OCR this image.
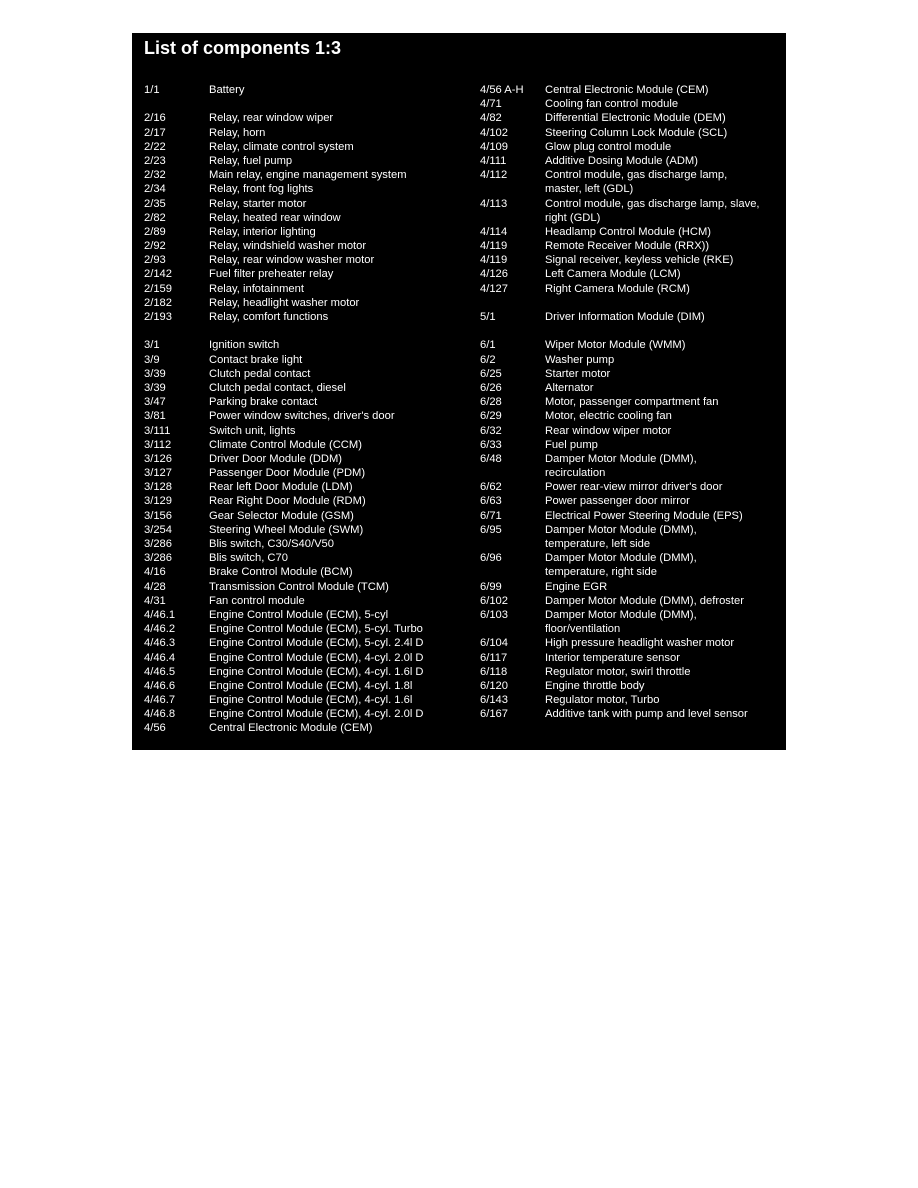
List of components 1:3
1/1	Battery
2/16	Relay, rear window wiper
2/17	Relay, horn
2/22	Relay, climate control system
2/23	Relay, fuel pump
2/32	Main relay, engine management system
2/34	Relay, front fog lights
2/35	Relay, starter motor
2/82	Relay, heated rear window
2/89	Relay, interior lighting
2/92	Relay, windshield washer motor
2/93	Relay, rear window washer motor
2/142	Fuel filter preheater relay
2/159	Relay, infotainment
2/182	Relay, headlight washer motor
2/193	Relay, comfort functions
3/1	Ignition switch
3/9	Contact brake light
3/39	Clutch pedal contact
3/39	Clutch pedal contact, diesel
3/47	Parking brake contact
3/81	Power window switches, driver's door
3/111	Switch unit, lights
3/112	Climate Control Module (CCM)
3/126	Driver Door Module (DDM)
3/127	Passenger Door Module (PDM)
3/128	Rear left Door Module (LDM)
3/129	Rear Right Door Module (RDM)
3/156	Gear Selector Module (GSM)
3/254	Steering Wheel Module (SWM)
3/286	Blis switch, C30/S40/V50
3/286	Blis switch, C70
4/16	Brake Control Module (BCM)
4/28	Transmission Control Module (TCM)
4/31	Fan control module
4/46.1	Engine Control Module (ECM), 5-cyl
4/46.2	Engine Control Module (ECM), 5-cyl. Turbo
4/46.3	Engine Control Module (ECM), 5-cyl. 2.4l D
4/46.4	Engine Control Module (ECM), 4-cyl. 2.0l D
4/46.5	Engine Control Module (ECM), 4-cyl. 1.6l D
4/46.6	Engine Control Module (ECM), 4-cyl. 1.8l
4/46.7	Engine Control Module (ECM), 4-cyl. 1.6l
4/46.8	Engine Control Module (ECM), 4-cyl. 2.0l D
4/56	Central Electronic Module (CEM)
4/56 A-H Central Electronic Module (CEM)
4/71	Cooling fan control module
4/82	Differential Electronic Module (DEM)
4/102	Steering Column Lock Module (SCL)
4/109	Glow plug control module
4/111	Additive Dosing Module (ADM)
4/112	Control module, gas discharge lamp,
master, left (GDL)
4/113	Control module, gas discharge lamp, slave,
right (GDL)
4/114	Headlamp Control Module (HCM)
4/119	Remote Receiver Module (RRX))
4/119	Signal receiver, keyless vehicle (RKE)
4/126	Left Camera Module (LCM)
4/127	Right Camera Module (RCM)
5/1	Driver Information Module (DIM)
6/1	Wiper Motor Module (WMM)
6/2	Washer pump
6/25	Starter motor
6/26	Alternator
6/28	Motor, passenger compartment fan
6/29	Motor, electric cooling fan
6/32	Rear window wiper motor
6/33	Fuel pump
6/48	Damper Motor Module (DMM),
recirculation
6/62	Power rear-view mirror driver's door
6/63	Power passenger door mirror
6/71	Electrical Power Steering Module (EPS)
6/95	Damper Motor Module (DMM),
temperature, left side
6/96	Damper Motor Module (DMM),
temperature, right side
6/99	Engine EGR
6/102	Damper Motor Module (DMM), defroster
6/103	Damper Motor Module (DMM),
floor/ventilation
6/104	High pressure headlight washer motor
6/117	Interior temperature sensor
6/118	Regulator motor, swirl throttle
6/120	Engine throttle body
6/143	Regulator motor, Turbo
6/167	Additive tank with pump and level sensor
